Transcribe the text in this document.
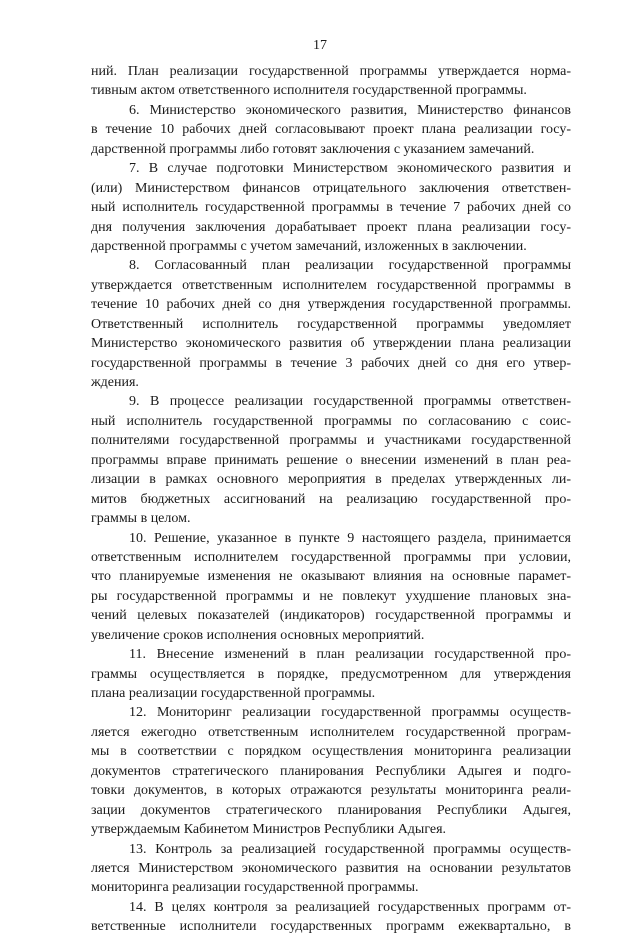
17
ний. План реализации государственной программы утверждается норма-
тивным актом ответственного исполнителя государственной программы.
6. Министерство экономического развития, Министерство финансов
в течение 10 рабочих дней согласовывают проект плана реализации госу-
дарственной программы либо готовят заключения с указанием замечаний.
7. В случае подготовки Министерством экономического развития и
(или) Министерством финансов отрицательного заключения ответствен-
ный исполнитель государственной программы в течение 7 рабочих дней со
дня получения заключения дорабатывает проект плана реализации госу-
дарственной программы с учетом замечаний, изложенных в заключении.
8. Согласованный план реализации государственной программы
утверждается ответственным исполнителем государственной программы в
течение 10 рабочих дней со дня утверждения государственной программы.
Ответственный исполнитель государственной программы уведомляет
Министерство экономического развития об утверждении плана реализации
государственной программы в течение 3 рабочих дней со дня его утвер-
ждения.
9. В процессе реализации государственной программы ответствен-
ный исполнитель государственной программы по согласованию с соис-
полнителями государственной программы и участниками государственной
программы вправе принимать решение о внесении изменений в план реа-
лизации в рамках основного мероприятия в пределах утвержденных ли-
митов бюджетных ассигнований на реализацию государственной про-
граммы в целом.
10. Решение, указанное в пункте 9 настоящего раздела, принимается
ответственным исполнителем государственной программы при условии,
что планируемые изменения не оказывают влияния на основные парамет-
ры государственной программы и не повлекут ухудшение плановых зна-
чений целевых показателей (индикаторов) государственной программы и
увеличение сроков исполнения основных мероприятий.
11. Внесение изменений в план реализации государственной про-
граммы осуществляется в порядке, предусмотренном для утверждения
плана реализации государственной программы.
12. Мониторинг реализации государственной программы осуществ-
ляется ежегодно ответственным исполнителем государственной програм-
мы в соответствии с порядком осуществления мониторинга реализации
документов стратегического планирования Республики Адыгея и подго-
товки документов, в которых отражаются результаты мониторинга реали-
зации документов стратегического планирования Республики Адыгея,
утверждаемым Кабинетом Министров Республики Адыгея.
13. Контроль за реализацией государственной программы осуществ-
ляется Министерством экономического развития на основании результатов
мониторинга реализации государственной программы.
14. В целях контроля за реализацией государственных программ от-
ветственные исполнители государственных программ ежеквартально, в
